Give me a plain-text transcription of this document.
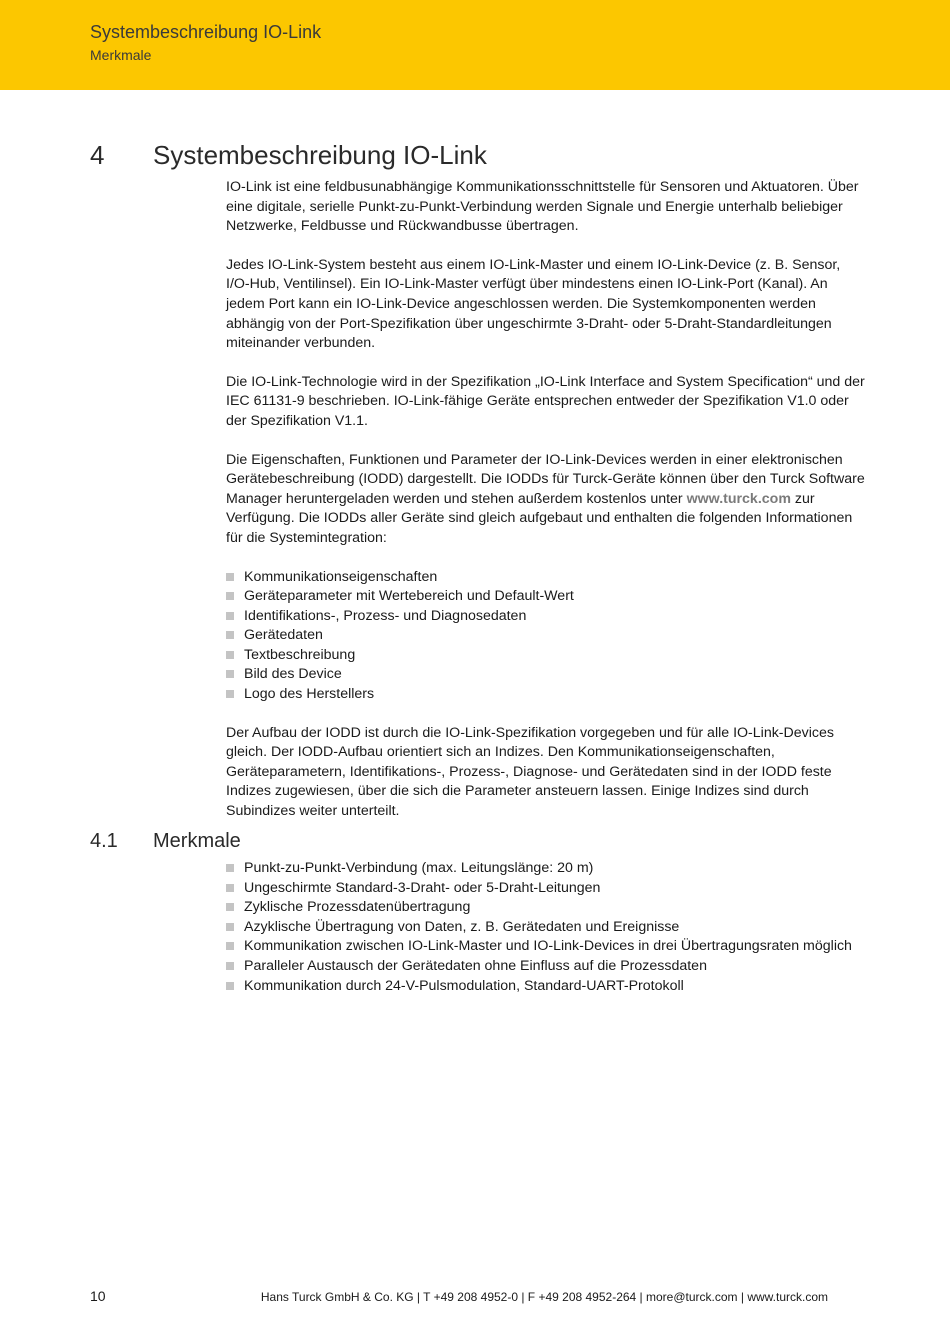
Systembeschreibung IO-Link
Merkmale
4 Systembeschreibung IO-Link

IO-Link ist eine feldbusunabhängige Kommunikationsschnittstelle für Sensoren und Aktuatoren. Über eine digitale, serielle Punkt-zu-Punkt-Verbindung werden Signale und Energie unterhalb beliebiger Netzwerke, Feldbusse und Rückwandbusse übertragen.

Jedes IO-Link-System besteht aus einem IO-Link-Master und einem IO-Link-Device (z. B. Sensor, I/O-Hub, Ventilinsel). Ein IO-Link-Master verfügt über mindestens einen IO-Link-Port (Kanal). An jedem Port kann ein IO-Link-Device angeschlossen werden. Die Systemkomponenten werden abhängig von der Port-Spezifikation über ungeschirmte 3-Draht- oder 5-Draht-Standardleitungen miteinander verbunden.

Die IO-Link-Technologie wird in der Spezifikation „IO-Link Interface and System Specification“ und der IEC 61131-9 beschrieben. IO-Link-fähige Geräte entsprechen entweder der Spezifikation V1.0 oder der Spezifikation V1.1.

Die Eigenschaften, Funktionen und Parameter der IO-Link-Devices werden in einer elektronischen Gerätebeschreibung (IODD) dargestellt. Die IODDs für Turck-Geräte können über den Turck Software Manager heruntergeladen werden und stehen außerdem kostenlos unter www.turck.com zur Verfügung. Die IODDs aller Geräte sind gleich aufgebaut und enthalten die folgenden Informationen für die Systemintegration:

Kommunikationseigenschaften
Geräteparameter mit Wertebereich und Default-Wert
Identifikations-, Prozess- und Diagnosedaten
Gerätedaten
Textbeschreibung
Bild des Device
Logo des Herstellers

Der Aufbau der IODD ist durch die IO-Link-Spezifikation vorgegeben und für alle IO-Link-Devices gleich. Der IODD-Aufbau orientiert sich an Indizes. Den Kommunikationseigenschaften, Geräteparametern, Identifikations-, Prozess-, Diagnose- und Gerätedaten sind in der IODD feste Indizes zugewiesen, über die sich die Parameter ansteuern lassen. Einige Indizes sind durch Subindizes weiter unterteilt.

4.1 Merkmale
Punkt-zu-Punkt-Verbindung (max. Leitungslänge: 20 m)
Ungeschirmte Standard-3-Draht- oder 5-Draht-Leitungen
Zyklische Prozessdatenübertragung
Azyklische Übertragung von Daten, z. B. Gerätedaten und Ereignisse
Kommunikation zwischen IO-Link-Master und IO-Link-Devices in drei Übertragungsraten möglich
Paralleler Austausch der Gerätedaten ohne Einfluss auf die Prozessdaten
Kommunikation durch 24-V-Pulsmodulation, Standard-UART-Protokoll
10	Hans Turck GmbH & Co. KG | T +49 208 4952-0 | F +49 208 4952-264 | more@turck.com | www.turck.com
